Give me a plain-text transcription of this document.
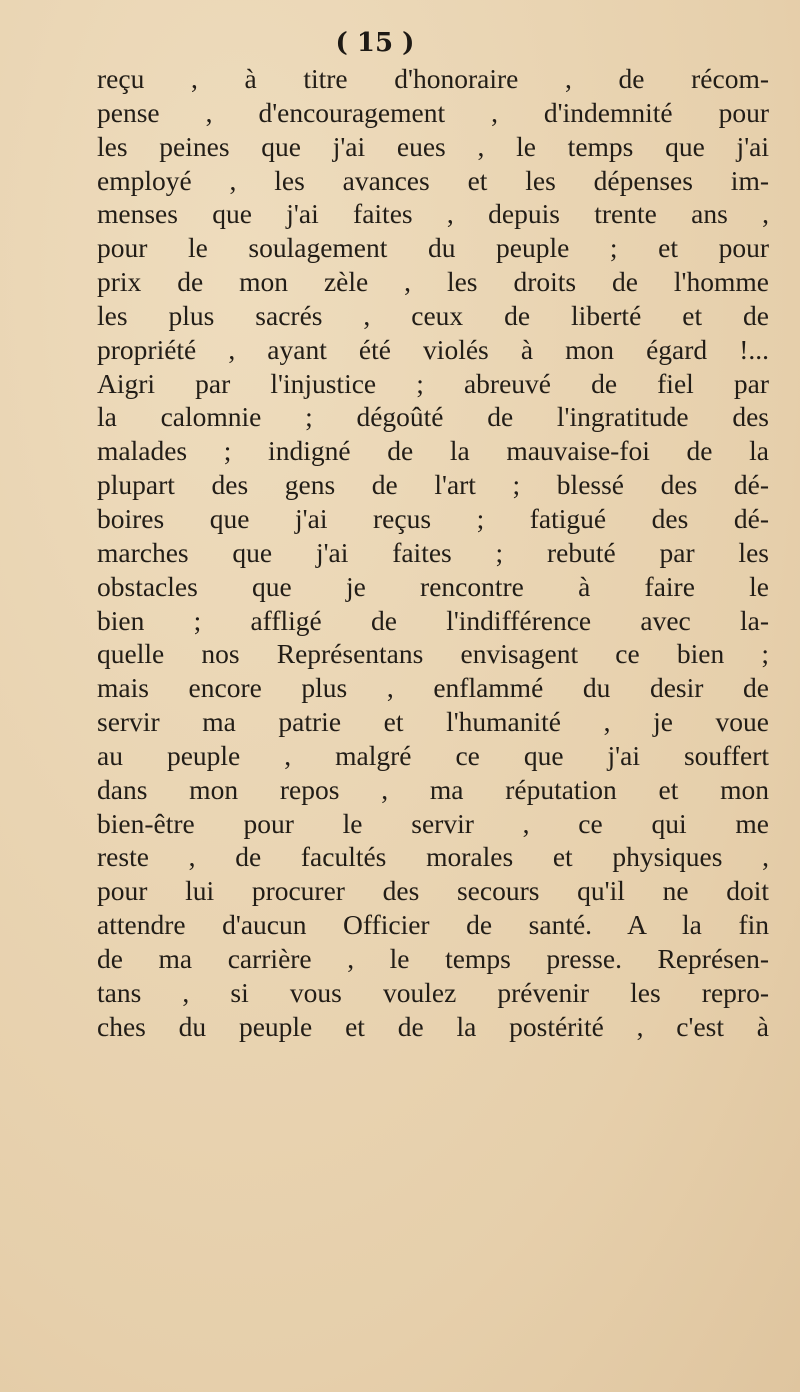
( 15 )
reçu , à titre d'honoraire , de récom-
pense , d'encouragement , d'indemnité pour
les peines que j'ai eues , le temps que j'ai
employé , les avances et les dépenses im-
menses que j'ai faites , depuis trente ans ,
pour le soulagement du peuple ; et pour
prix de mon zèle , les droits de l'homme
les plus sacrés , ceux de liberté et de
propriété , ayant été violés à mon égard !...
Aigri par l'injustice ; abreuvé de fiel par
la calomnie ; dégoûté de l'ingratitude des
malades ; indigné de la mauvaise-foi de la
plupart des gens de l'art ; blessé des dé-
boires que j'ai reçus ; fatigué des dé-
marches que j'ai faites ; rebuté par les
obstacles que je rencontre à faire le
bien ; affligé de l'indifférence avec la-
quelle nos Représentans envisagent ce bien ;
mais encore plus , enflammé du desir de
servir ma patrie et l'humanité , je voue
au peuple , malgré ce que j'ai souffert
dans mon repos , ma réputation et mon
bien-être pour le servir , ce qui me
reste , de facultés morales et physiques ,
pour lui procurer des secours qu'il ne doit
attendre d'aucun Officier de santé. A la fin
de ma carrière , le temps presse. Représen-
tans , si vous voulez prévenir les repro-
ches du peuple et de la postérité , c'est à
